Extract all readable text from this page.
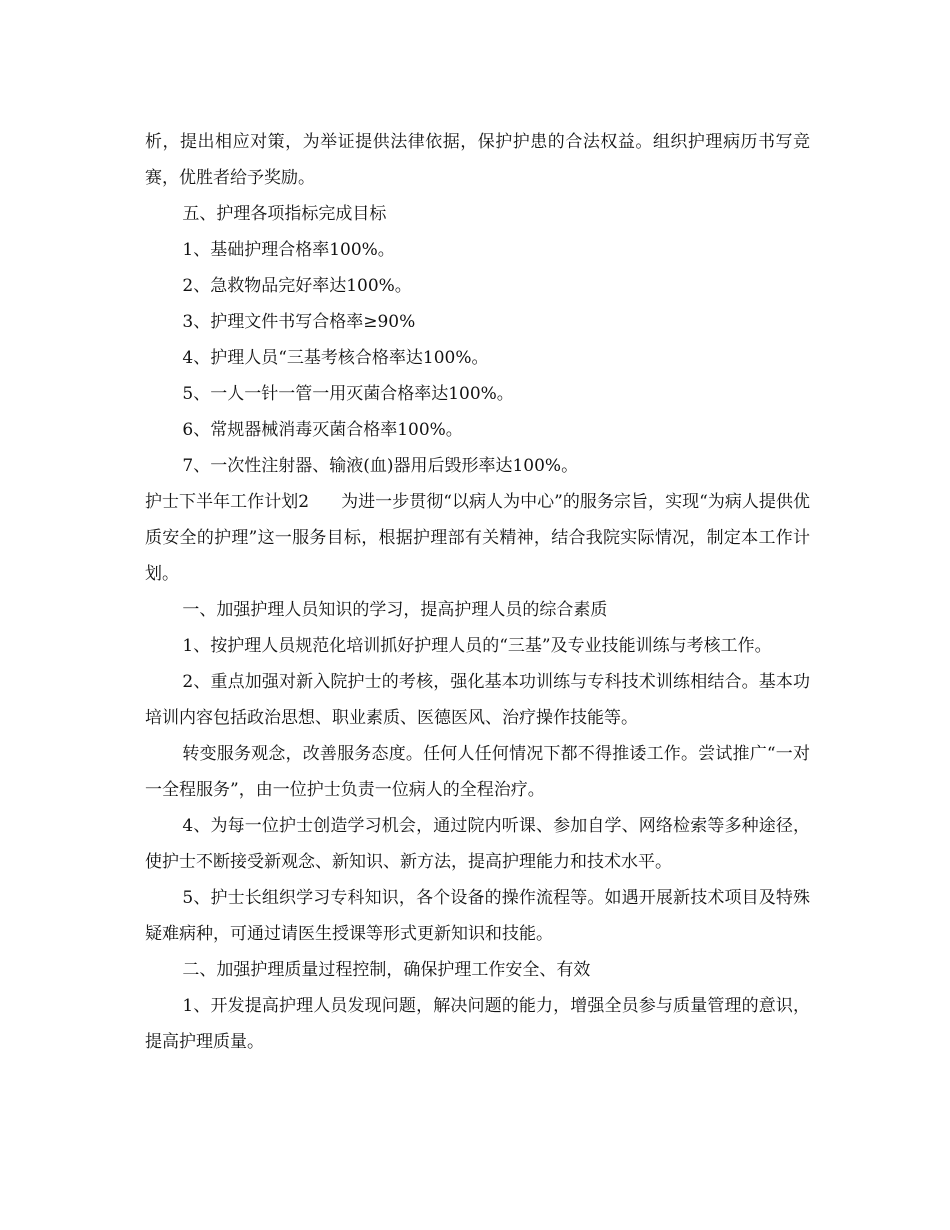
析，提出相应对策，为举证提供法律依据，保护护患的合法权益。组织护理病历书写竞赛，优胜者给予奖励。

五、护理各项指标完成目标

1、基础护理合格率100%。

2、急救物品完好率达100%。

3、护理文件书写合格率≥90%

4、护理人员“三基考核合格率达100%。

5、一人一针一管一用灭菌合格率达100%。

6、常规器械消毒灭菌合格率100%。

7、一次性注射器、输液(血)器用后毁形率达100%。

护士下半年工作计划2 为进一步贯彻“以病人为中心”的服务宗旨，实现“为病人提供优质安全的护理”这一服务目标，根据护理部有关精神，结合我院实际情况，制定本工作计划。

一、加强护理人员知识的学习，提高护理人员的综合素质

1、按护理人员规范化培训抓好护理人员的“三基”及专业技能训练与考核工作。

2、重点加强对新入院护士的考核，强化基本功训练与专科技术训练相结合。基本功培训内容包括政治思想、职业素质、医德医风、治疗操作技能等。

转变服务观念，改善服务态度。任何人任何情况下都不得推诿工作。尝试推广“一对一全程服务”，由一位护士负责一位病人的全程治疗。

4、为每一位护士创造学习机会，通过院内听课、参加自学、网络检索等多种途径，使护士不断接受新观念、新知识、新方法，提高护理能力和技术水平。

5、护士长组织学习专科知识，各个设备的操作流程等。如遇开展新技术项目及特殊疑难病种，可通过请医生授课等形式更新知识和技能。

二、加强护理质量过程控制，确保护理工作安全、有效

1、开发提高护理人员发现问题，解决问题的能力，增强全员参与质量管理的意识，提高护理质量。
